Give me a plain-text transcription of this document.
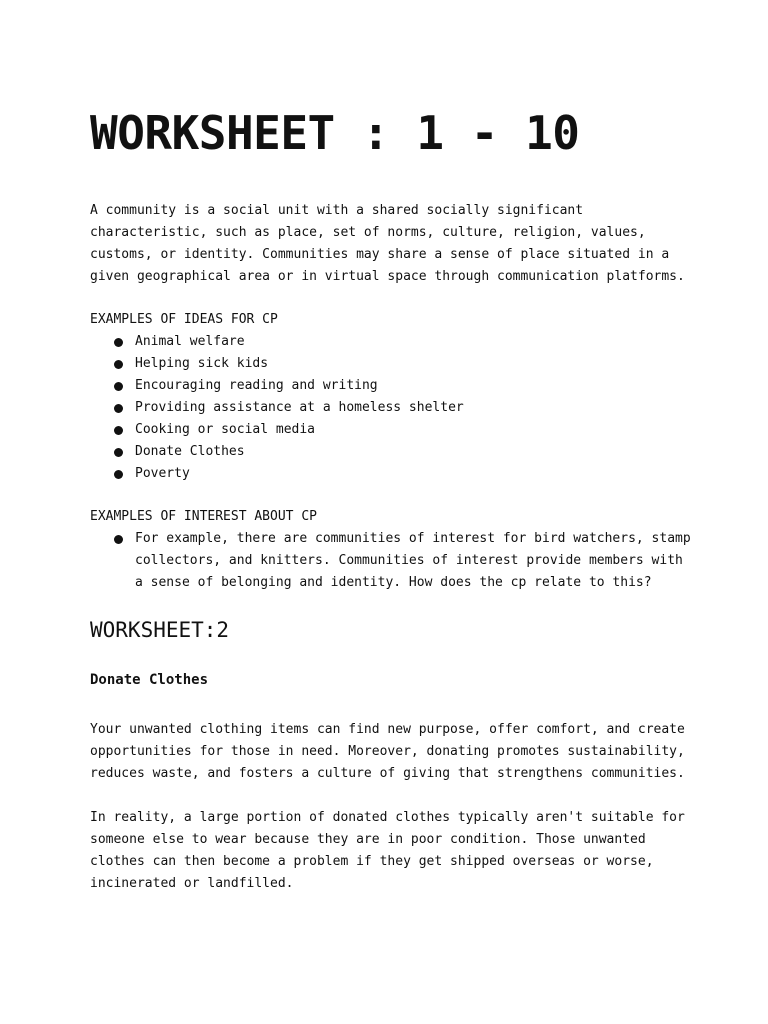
WORKSHEET : 1 - 10

A community is a social unit with a shared socially significant characteristic, such as place, set of norms, culture, religion, values, customs, or identity. Communities may share a sense of place situated in a given geographical area or in virtual space through communication platforms.

EXAMPLES OF IDEAS FOR CP
Animal welfare
Helping sick kids
Encouraging reading and writing
Providing assistance at a homeless shelter
Cooking or social media
Donate Clothes
Poverty
EXAMPLES OF INTEREST ABOUT CP
For example, there are communities of interest for bird watchers, stamp collectors, and knitters. Communities of interest provide members with a sense of belonging and identity. How does the cp relate to this?
WORKSHEET:2
Donate Clothes

Your unwanted clothing items can find new purpose, offer comfort, and create opportunities for those in need. Moreover, donating promotes sustainability, reduces waste, and fosters a culture of giving that strengthens communities.

In reality, a large portion of donated clothes typically aren't suitable for someone else to wear because they are in poor condition. Those unwanted clothes can then become a problem if they get shipped overseas or worse, incinerated or landfilled.
